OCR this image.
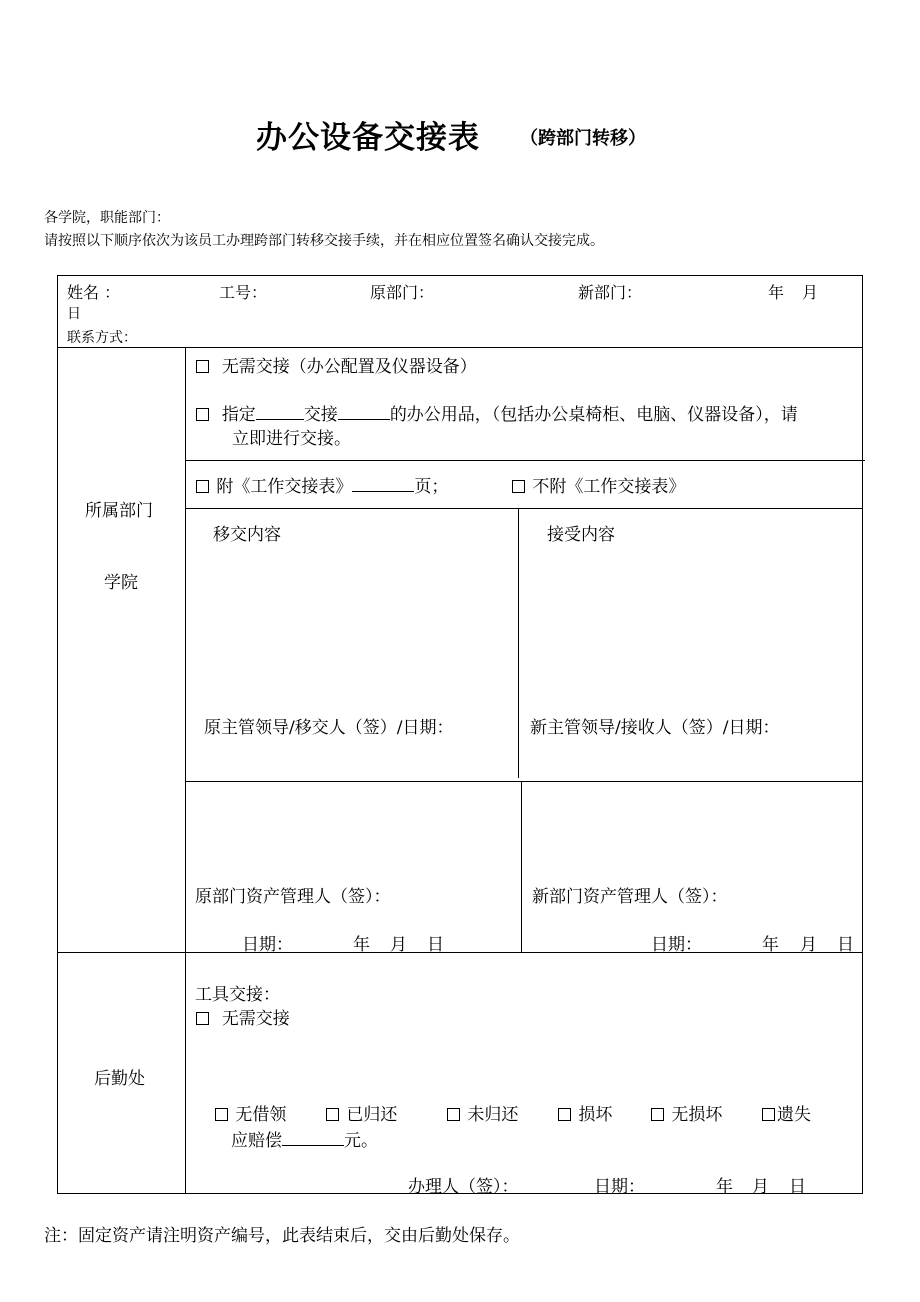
办公设备交接表 （跨部门转移）
各学院，职能部门：
请按照以下顺序依次为该员工办理跨部门转移交接手续，并在相应位置签名确认交接完成。
姓名 ：	工号：	原部门：	新部门：	年 月
日
联系方式：
所属部门
学院
无需交接（办公配置及仪器设备）
指定	交接	的办公用品，（包括办公桌椅柜、电脑、仪器设备），请
立即进行交接。
附《工作交接表》	页；	不附《工作交接表》
移交内容	接受内容
原主管领导/移交人（签）/日期：	新主管领导/接收人（签）/日期：
原部门资产管理人（签）：	新部门资产管理人（签）：
日期：	年 月 日	日期：	年 月 日
后勤处
工具交接：
无需交接
无借领	已归还	未归还	损坏	无损坏	遗失
应赔偿	元。
办理人（签）：	日期：	年 月 日
注：固定资产请注明资产编号，此表结束后，交由后勤处保存。
